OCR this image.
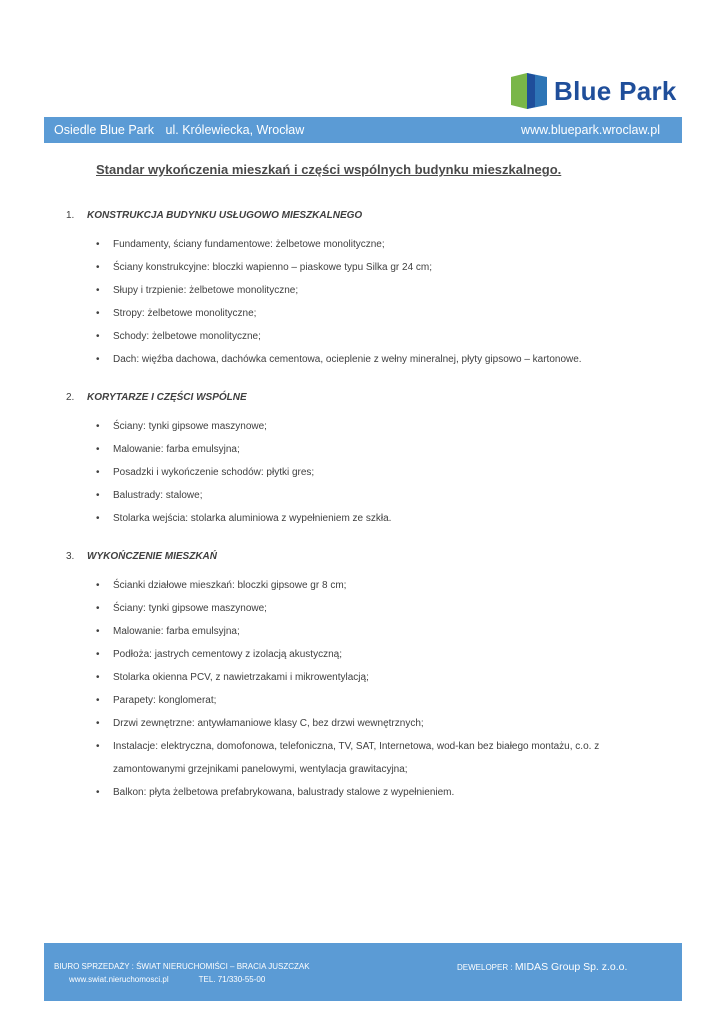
Blue Park
Osiedle Blue Park ul. Królewiecka, Wrocław	www.bluepark.wroclaw.pl
Standar wykończenia mieszkań i części wspólnych budynku mieszkalnego.
1. KONSTRUKCJA BUDYNKU USŁUGOWO MIESZKALNEGO
• Fundamenty, ściany fundamentowe: żelbetowe monolityczne;
• Ściany konstrukcyjne: bloczki wapienno – piaskowe typu Silka gr 24 cm;
• Słupy i trzpienie: żelbetowe monolityczne;
• Stropy: żelbetowe monolityczne;
• Schody: żelbetowe monolityczne;
• Dach: więźba dachowa, dachówka cementowa, ocieplenie z wełny mineralnej, płyty gipsowo – kartonowe.
2. KORYTARZE I CZĘŚCI WSPÓLNE
• Ściany: tynki gipsowe maszynowe;
• Malowanie: farba emulsyjna;
• Posadzki i wykończenie schodów: płytki gres;
• Balustrady: stalowe;
• Stolarka wejścia: stolarka aluminiowa z wypełnieniem ze szkła.
3. WYKOŃCZENIE MIESZKAŃ
• Ścianki działowe mieszkań: bloczki gipsowe gr 8 cm;
• Ściany: tynki gipsowe maszynowe;
• Malowanie: farba emulsyjna;
• Podłoża: jastrych cementowy z izolacją akustyczną;
• Stolarka okienna PCV, z nawietrzakami i mikrowentylacją;
• Parapety: konglomerat;
• Drzwi zewnętrzne: antywłamaniowe klasy C, bez drzwi wewnętrznych;
• Instalacje: elektryczna, domofonowa, telefoniczna, TV, SAT, Internetowa, wod-kan bez białego montażu, c.o. z zamontowanymi grzejnikami panelowymi, wentylacja grawitacyjna;
• Balkon: płyta żelbetowa prefabrykowana, balustrady stalowe z wypełnieniem.
BIURO SPRZEDAŻY : ŚWIAT NIERUCHOMIŚCI – BRACIA JUSZCZAK
www.swiat.nieruchomosci.pl	TEL. 71/330-55-00
DEWELOPER : MIDAS Group Sp. z.o.o.
